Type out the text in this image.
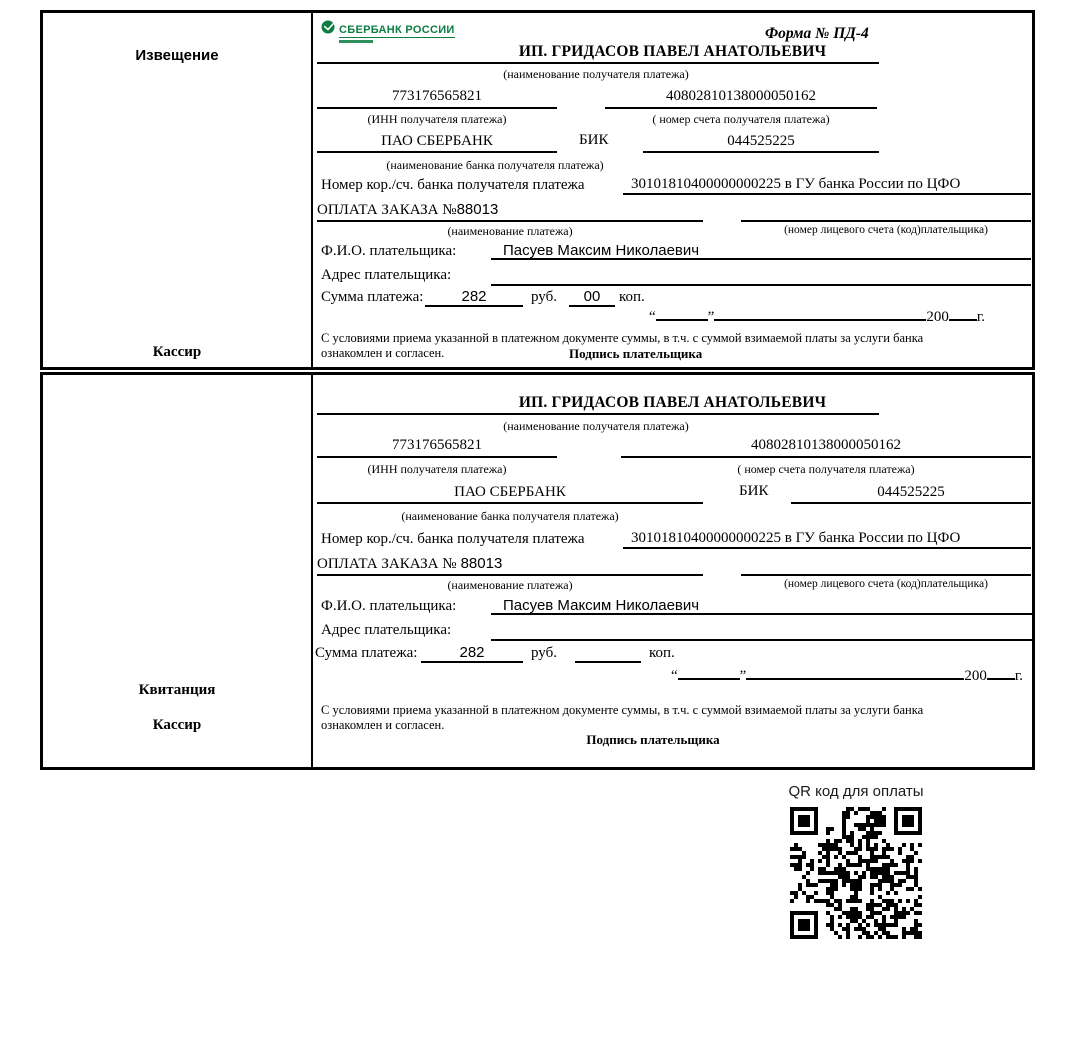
Извещение
Кассир
СБЕРБАНК РОССИИ	Форма № ПД-4
ИП. ГРИДАСОВ ПАВЕЛ АНАТОЛЬЕВИЧ
(наименование получателя платежа)
773176565821	40802810138000050162
(ИНН получателя платежа)	( номер счета получателя платежа)
ПАО СБЕРБАНК	БИК	044525225
(наименование банка получателя платежа)
Номер кор./сч. банка получателя платежа	30101810400000000225 в ГУ банка России по ЦФО
ОПЛАТА ЗАКАЗА №88013
(наименование платежа)	(номер лицевого счета (код)плательщика)
Ф.И.О. плательщика:	Пасуев Максим Николаевич
Адрес плательщика:
Сумма платежа:	282	руб.	00	коп.
“	”	200 г.
С условиями приема указанной в платежном документе суммы, в т.ч. с суммой взимаемой платы за услуги банка
ознакомлен и согласен.	Подпись плательщика
Квитанция
Кассир
ИП. ГРИДАСОВ ПАВЕЛ АНАТОЛЬЕВИЧ
(наименование получателя платежа)
773176565821	40802810138000050162
(ИНН получателя платежа)	( номер счета получателя платежа)
ПАО СБЕРБАНК	БИК	044525225
(наименование банка получателя платежа)
Номер кор./сч. банка получателя платежа	30101810400000000225 в ГУ банка России по ЦФО
ОПЛАТА ЗАКАЗА № 88013
(наименование платежа)	(номер лицевого счета (код)плательщика)
Ф.И.О. плательщика:	Пасуев Максим Николаевич
Адрес плательщика:
Сумма платежа:	282	руб.	коп.
“	”	200 г.
С условиями приема указанной в платежном документе суммы, в т.ч. с суммой взимаемой платы за услуги банка
ознакомлен и согласен.
Подпись плательщика
QR код для оплаты
